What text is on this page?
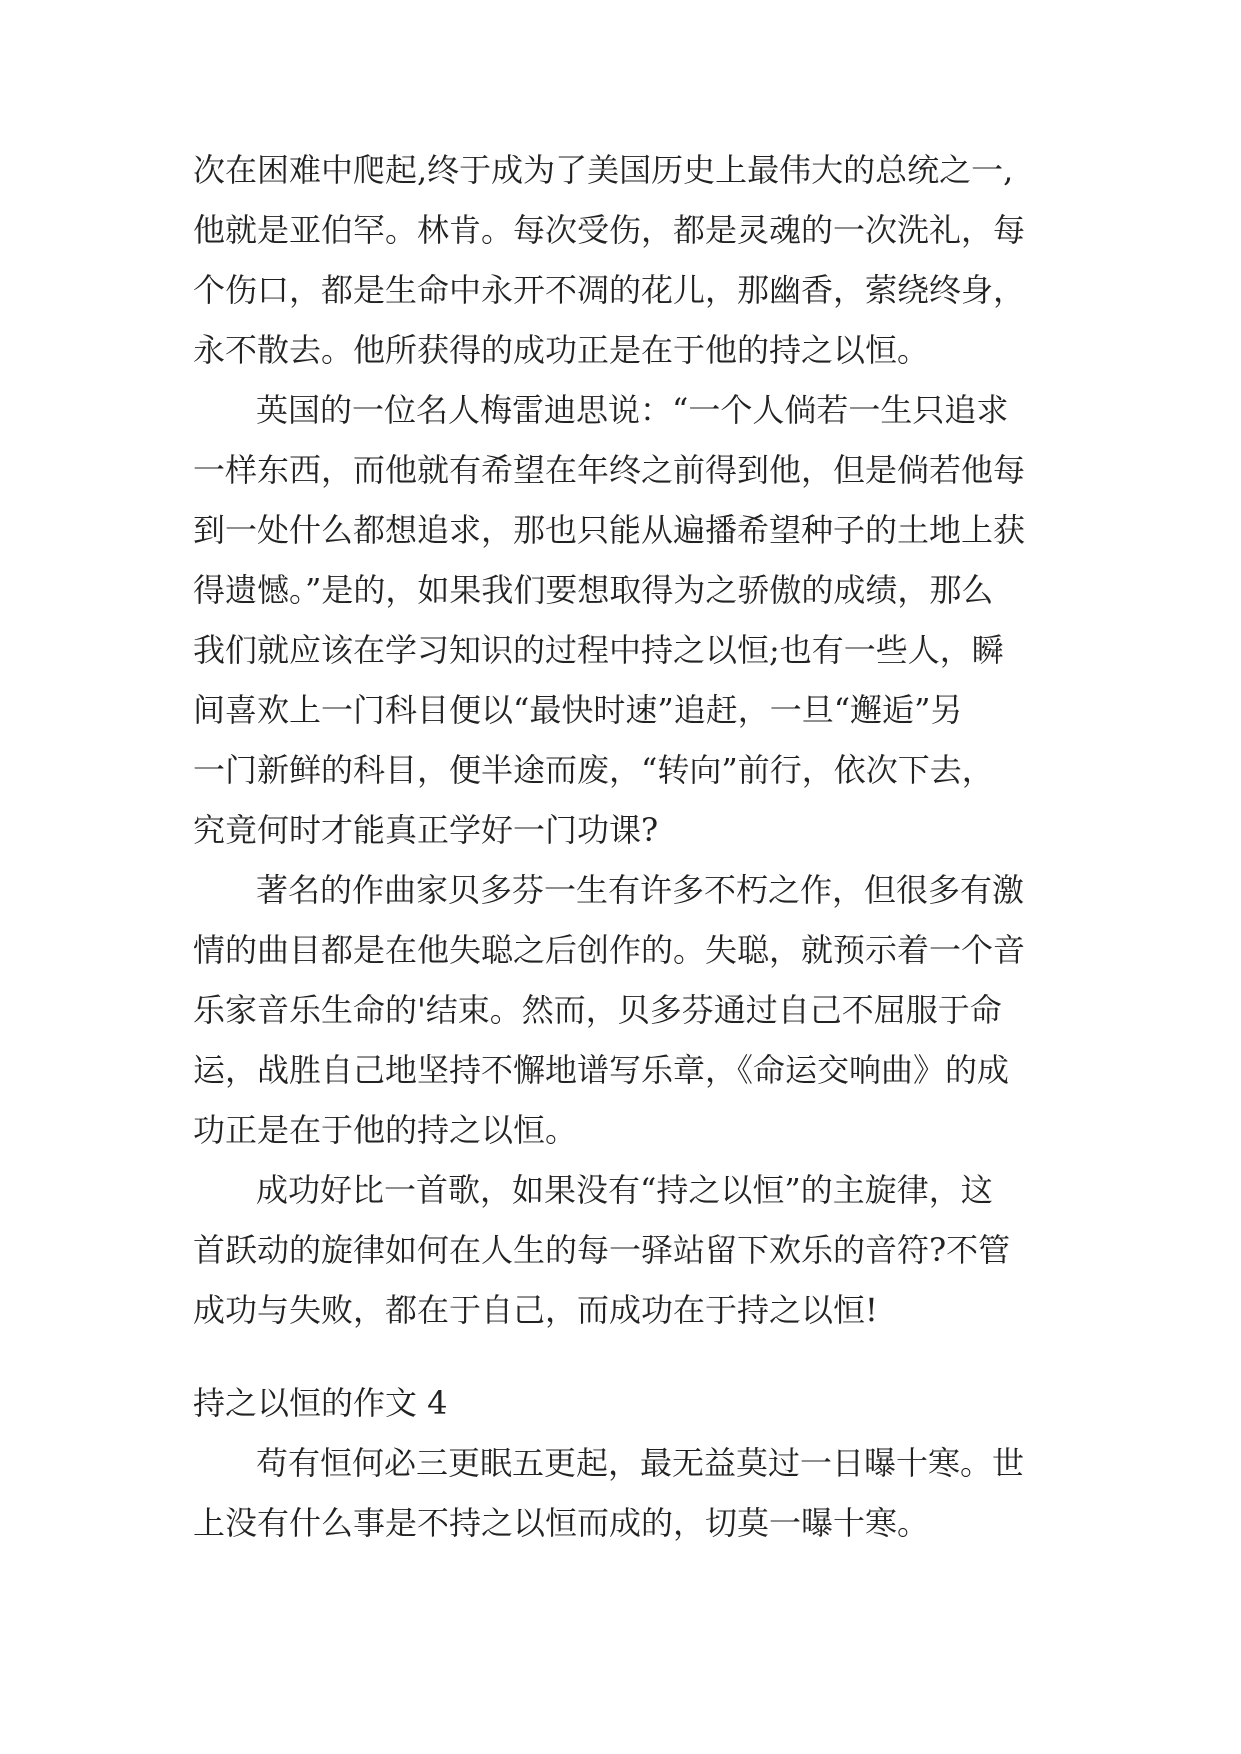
次在困难中爬起,终于成为了美国历史上最伟大的总统之一,
他就是亚伯罕。林肯。每次受伤，都是灵魂的一次洗礼，每
个伤口，都是生命中永开不凋的花儿，那幽香，萦绕终身，
永不散去。他所获得的成功正是在于他的持之以恒。
英国的一位名人梅雷迪思说：“一个人倘若一生只追求
一样东西，而他就有希望在年终之前得到他，但是倘若他每
到一处什么都想追求，那也只能从遍播希望种子的土地上获
得遗憾。”是的，如果我们要想取得为之骄傲的成绩，那么
我们就应该在学习知识的过程中持之以恒;也有一些人，瞬
间喜欢上一门科目便以“最快时速”追赶，一旦“邂逅”另
一门新鲜的科目，便半途而废，“转向”前行，依次下去，
究竟何时才能真正学好一门功课?
著名的作曲家贝多芬一生有许多不朽之作，但很多有激
情的曲目都是在他失聪之后创作的。失聪，就预示着一个音
乐家音乐生命的'结束。然而，贝多芬通过自己不屈服于命
运，战胜自己地坚持不懈地谱写乐章，《命运交响曲》的成
功正是在于他的持之以恒。
成功好比一首歌，如果没有“持之以恒”的主旋律，这
首跃动的旋律如何在人生的每一驿站留下欢乐的音符?不管
成功与失败，都在于自己，而成功在于持之以恒!
持之以恒的作文 4
苟有恒何必三更眠五更起，最无益莫过一日曝十寒。世
上没有什么事是不持之以恒而成的，切莫一曝十寒。
